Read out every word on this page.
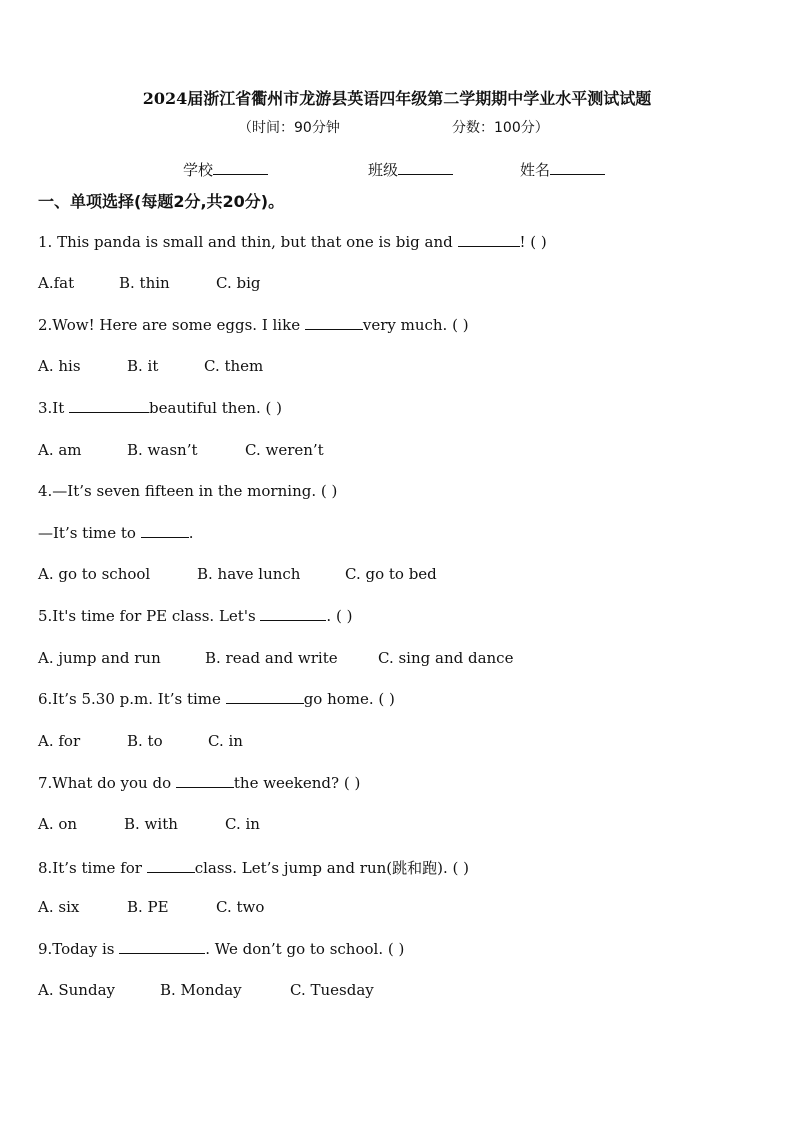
2024届浙江省衢州市龙游县英语四年级第二学期期中学业水平测试试题
（时间：90分钟	分数：100分）
学校	班级	姓名
一、单项选择(每题2分,共20分)。
1. This panda is small and thin, but that one is big and	! ( )
A.fat	B. thin	C. big
2.Wow! Here are some eggs. I like	very much. ( )
A. his	B. it	C. them
3.It	beautiful then. ( )
A. am	B. wasn’t	C. weren’t
4.—It’s seven fifteen in the morning. ( )
—It’s time to	.
A. go to school	B. have lunch	C. go to bed
5.It's time for PE class. Let's	. ( )
A. jump and run	B. read and write	C. sing and dance
6.It’s 5.30 p.m. It’s time	go home. ( )
A. for	B. to	C. in
7.What do you do	the weekend? ( )
A. on	B. with	C. in
8.It’s time for	class. Let’s jump and run(跳和跑). ( )
A. six	B. PE	C. two
9.Today is	. We don’t go to school. ( )
A. Sunday	B. Monday	C. Tuesday
